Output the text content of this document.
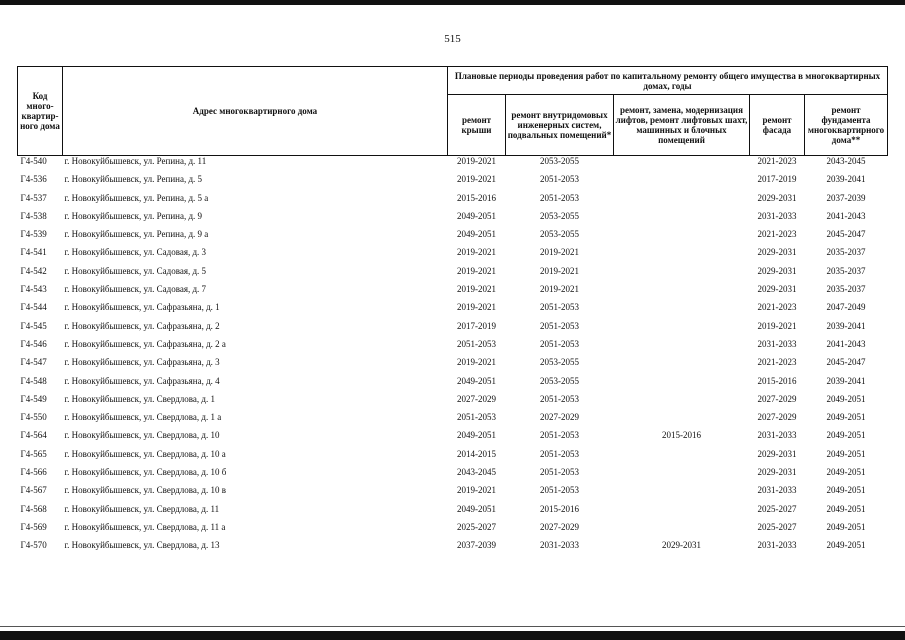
515
Код много-квартир-ного дома	Адрес многоквартирного дома	Плановые периоды проведения работ по капитальному ремонту общего имущества в многоквартирных домах, годы				
		ремонт крыши	ремонт внутридомовых инженерных систем, подвальных помещений*	ремонт, замена, модернизация лифтов, ремонт лифтовых шахт, машинных и блочных помещений	ремонт фасада	ремонт фундамента многоквартирного дома**
Г4-540	г. Новокуйбышевск, ул. Репина, д. 11	2019-2021	2053-2055		2021-2023	2043-2045
Г4-536	г. Новокуйбышевск, ул. Репина, д. 5	2019-2021	2051-2053		2017-2019	2039-2041
Г4-537	г. Новокуйбышевск, ул. Репина, д. 5 а	2015-2016	2051-2053		2029-2031	2037-2039
Г4-538	г. Новокуйбышевск, ул. Репина, д. 9	2049-2051	2053-2055		2031-2033	2041-2043
Г4-539	г. Новокуйбышевск, ул. Репина, д. 9 а	2049-2051	2053-2055		2021-2023	2045-2047
Г4-541	г. Новокуйбышевск, ул. Садовая, д. 3	2019-2021	2019-2021		2029-2031	2035-2037
Г4-542	г. Новокуйбышевск, ул. Садовая, д. 5	2019-2021	2019-2021		2029-2031	2035-2037
Г4-543	г. Новокуйбышевск, ул. Садовая, д. 7	2019-2021	2019-2021		2029-2031	2035-2037
Г4-544	г. Новокуйбышевск, ул. Сафразьяна, д. 1	2019-2021	2051-2053		2021-2023	2047-2049
Г4-545	г. Новокуйбышевск, ул. Сафразьяна, д. 2	2017-2019	2051-2053		2019-2021	2039-2041
Г4-546	г. Новокуйбышевск, ул. Сафразьяна, д. 2 а	2051-2053	2051-2053		2031-2033	2041-2043
Г4-547	г. Новокуйбышевск, ул. Сафразьяна, д. 3	2019-2021	2053-2055		2021-2023	2045-2047
Г4-548	г. Новокуйбышевск, ул. Сафразьяна, д. 4	2049-2051	2053-2055		2015-2016	2039-2041
Г4-549	г. Новокуйбышевск, ул. Свердлова, д. 1	2027-2029	2051-2053		2027-2029	2049-2051
Г4-550	г. Новокуйбышевск, ул. Свердлова, д. 1 а	2051-2053	2027-2029		2027-2029	2049-2051
Г4-564	г. Новокуйбышевск, ул. Свердлова, д. 10	2049-2051	2051-2053	2015-2016	2031-2033	2049-2051
Г4-565	г. Новокуйбышевск, ул. Свердлова, д. 10 а	2014-2015	2051-2053		2029-2031	2049-2051
Г4-566	г. Новокуйбышевск, ул. Свердлова, д. 10 б	2043-2045	2051-2053		2029-2031	2049-2051
Г4-567	г. Новокуйбышевск, ул. Свердлова, д. 10 в	2019-2021	2051-2053		2031-2033	2049-2051
Г4-568	г. Новокуйбышевск, ул. Свердлова, д. 11	2049-2051	2015-2016		2025-2027	2049-2051
Г4-569	г. Новокуйбышевск, ул. Свердлова, д. 11 а	2025-2027	2027-2029		2025-2027	2049-2051
Г4-570	г. Новокуйбышевск, ул. Свердлова, д. 13	2037-2039	2031-2033	2029-2031	2031-2033	2049-2051
